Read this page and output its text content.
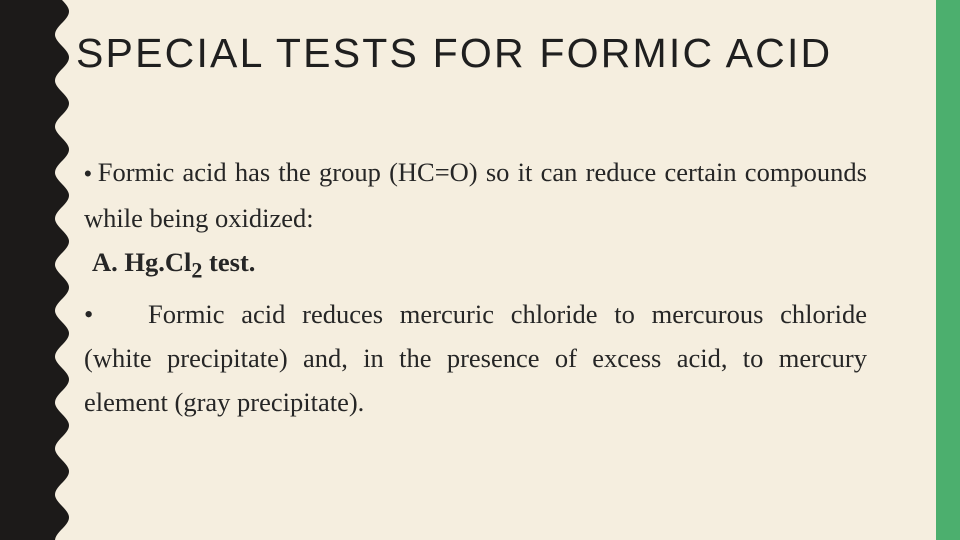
SPECIAL TESTS FOR FORMIC ACID

• Formic acid has the group (HC=O) so it can reduce certain compounds while being oxidized:

A. $Hg.Cl_2$ test.

• Formic acid reduces mercuric chloride to mercurous chloride (white precipitate) and, in the presence of excess acid, to mercury element (gray precipitate).
